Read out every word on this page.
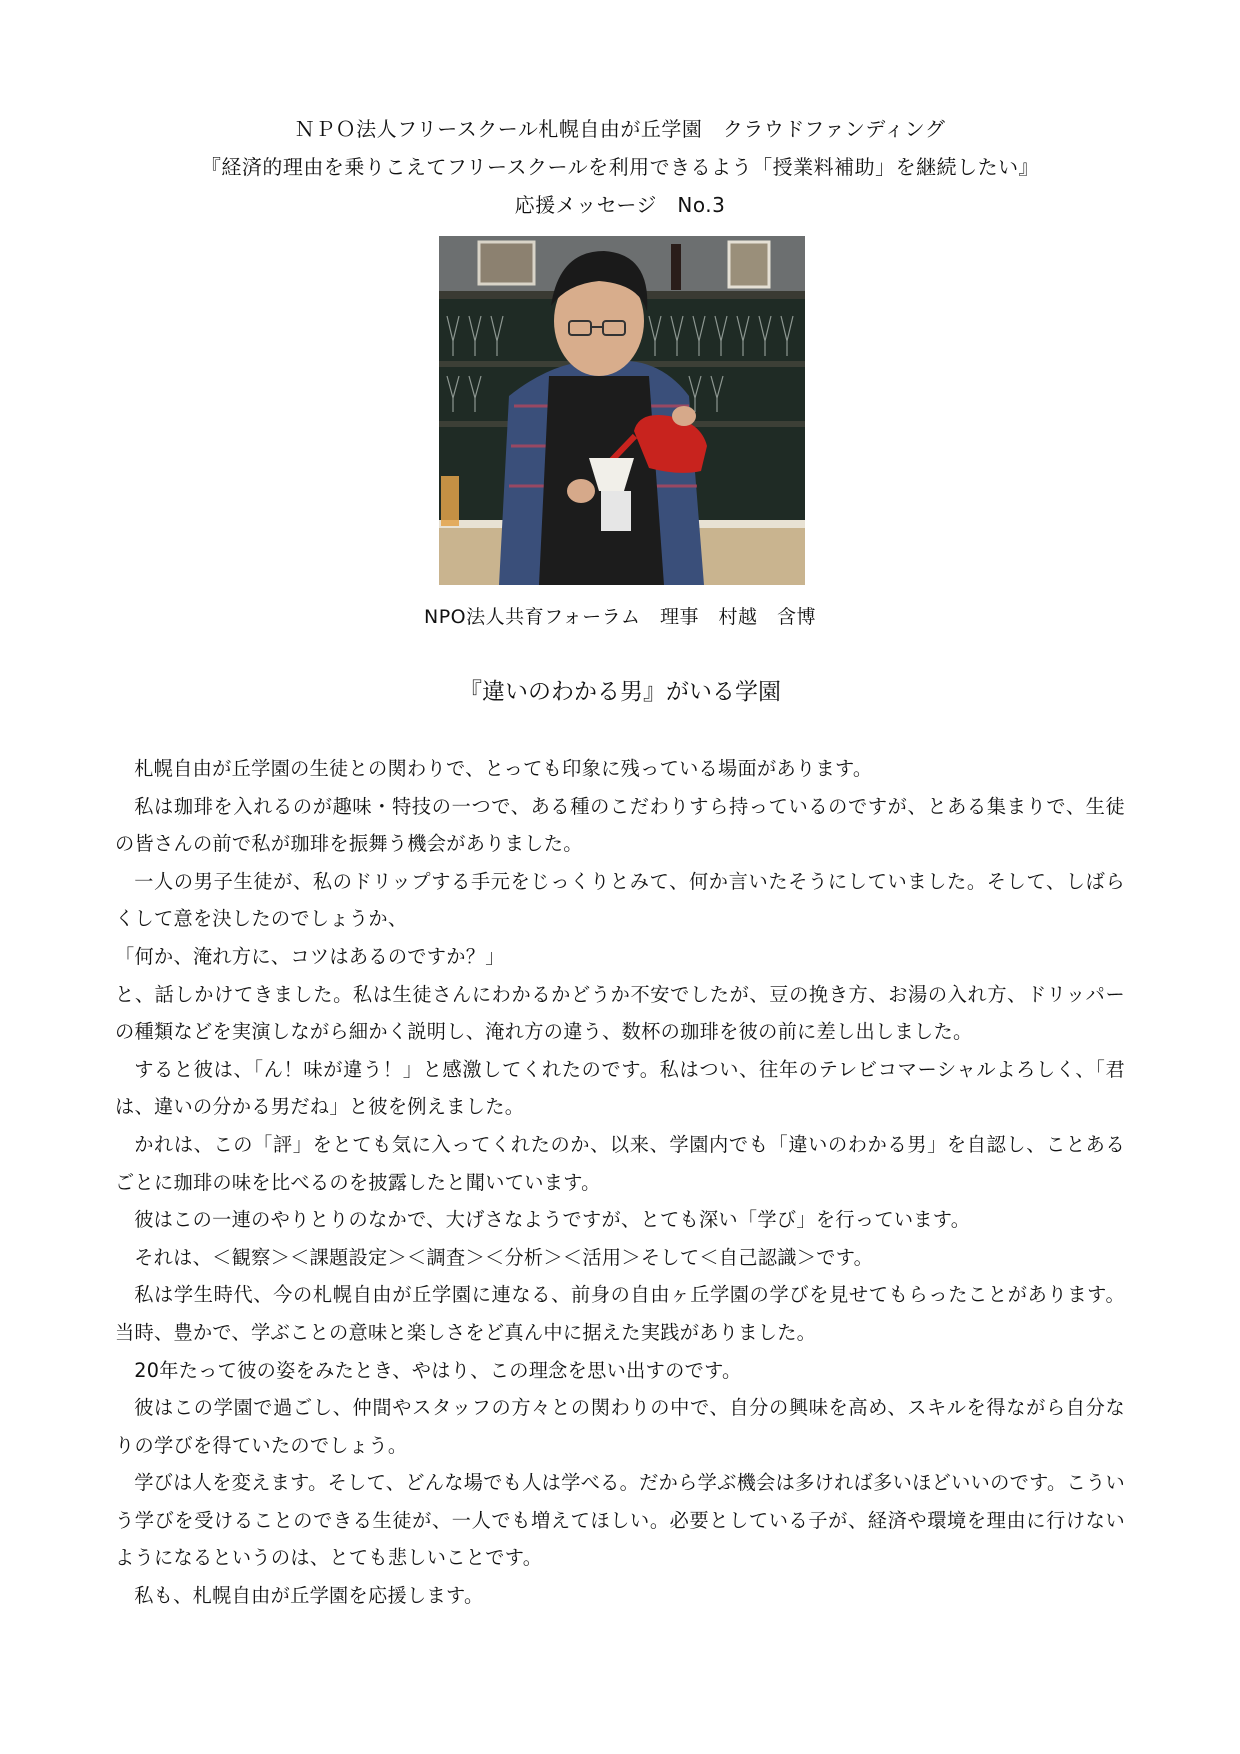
ＮＰＯ法人フリースクール札幌自由が丘学園　クラウドファンディング
『経済的理由を乗りこえてフリースクールを利用できるよう「授業料補助」を継続したい』
応援メッセージ　No.3
NPO法人共育フォーラム　理事　村越　含博
『違いのわかる男』がいる学園

札幌自由が丘学園の生徒との関わりで、とっても印象に残っている場面があります。

私は珈琲を入れるのが趣味・特技の一つで、ある種のこだわりすら持っているのですが、とある集まりで、生徒の皆さんの前で私が珈琲を振舞う機会がありました。

一人の男子生徒が、私のドリップする手元をじっくりとみて、何か言いたそうにしていました。そして、しばらくして意を決したのでしょうか、

「何か、淹れ方に、コツはあるのですか？」

と、話しかけてきました。私は生徒さんにわかるかどうか不安でしたが、豆の挽き方、お湯の入れ方、ドリッパーの種類などを実演しながら細かく説明し、淹れ方の違う、数杯の珈琲を彼の前に差し出しました。

すると彼は、「ん！味が違う！」と感激してくれたのです。私はつい、往年のテレビコマーシャルよろしく、「君は、違いの分かる男だね」と彼を例えました。

かれは、この「評」をとても気に入ってくれたのか、以来、学園内でも「違いのわかる男」を自認し、ことあるごとに珈琲の味を比べるのを披露したと聞いています。

彼はこの一連のやりとりのなかで、大げさなようですが、とても深い「学び」を行っています。

それは、＜観察＞＜課題設定＞＜調査＞＜分析＞＜活用＞そして＜自己認識＞です。

私は学生時代、今の札幌自由が丘学園に連なる、前身の自由ヶ丘学園の学びを見せてもらったことがあります。当時、豊かで、学ぶことの意味と楽しさをど真ん中に据えた実践がありました。

20年たって彼の姿をみたとき、やはり、この理念を思い出すのです。

彼はこの学園で過ごし、仲間やスタッフの方々との関わりの中で、自分の興味を高め、スキルを得ながら自分なりの学びを得ていたのでしょう。

学びは人を変えます。そして、どんな場でも人は学べる。だから学ぶ機会は多ければ多いほどいいのです。こういう学びを受けることのできる生徒が、一人でも増えてほしい。必要としている子が、経済や環境を理由に行けないようになるというのは、とても悲しいことです。

私も、札幌自由が丘学園を応援します。
